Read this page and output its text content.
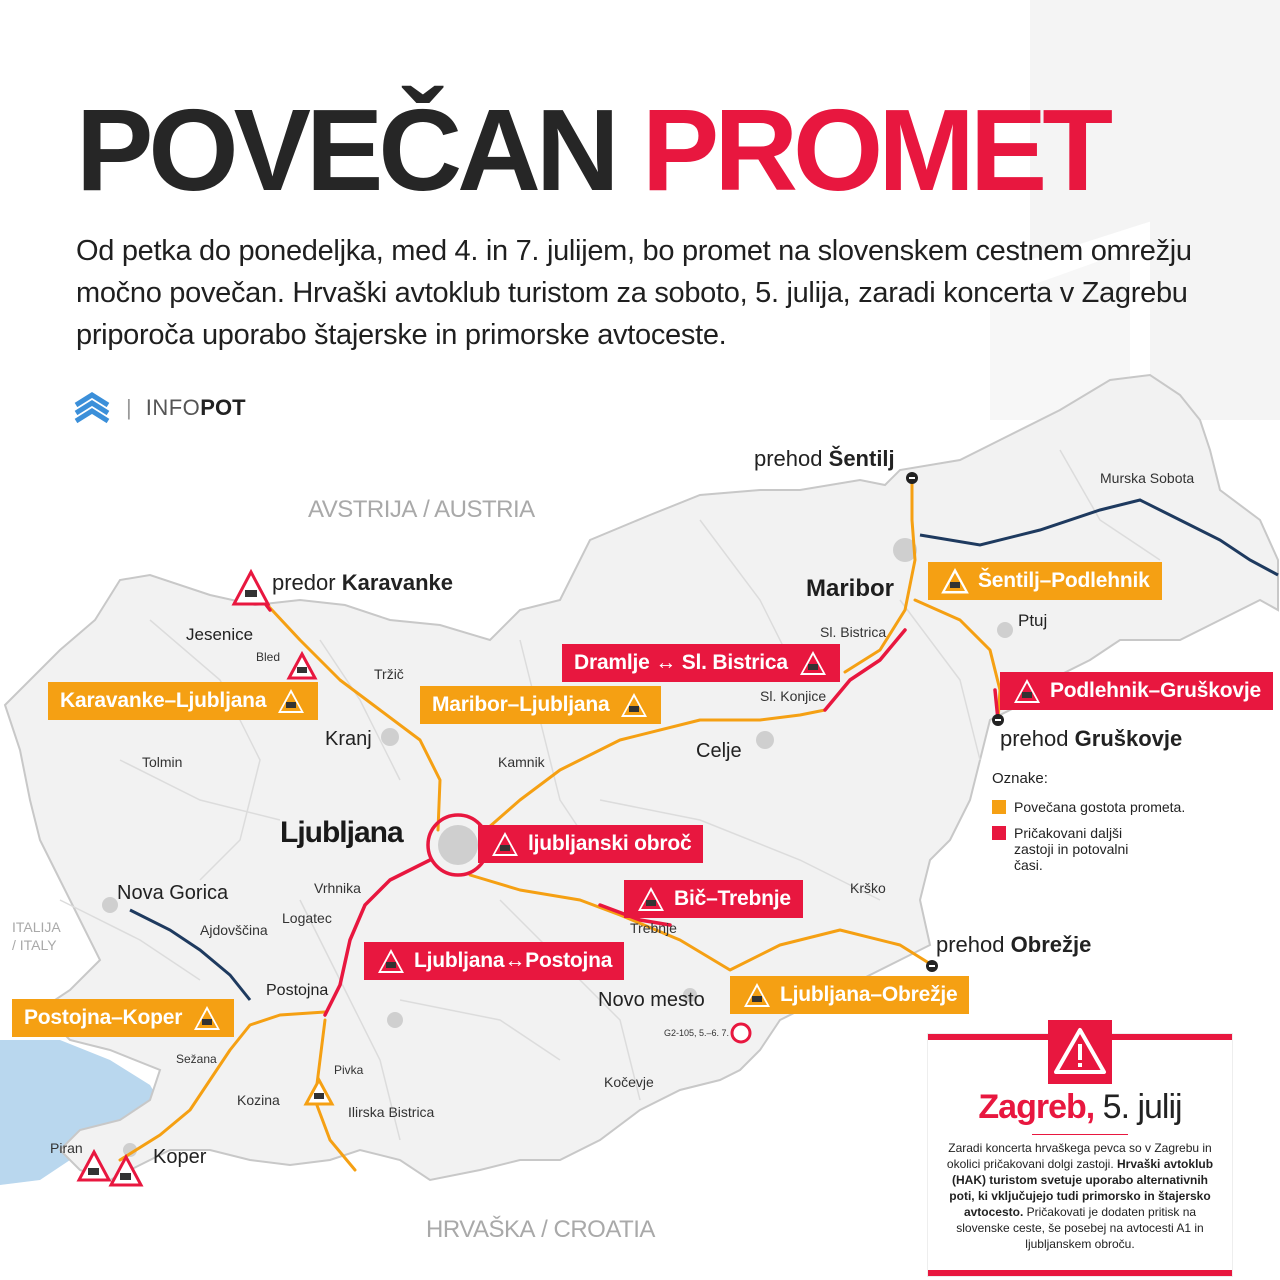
POVEČAN PROMET
Od petka do ponedeljka, med 4. in 7. julijem, bo promet na slovenskem cestnem omrežju močno povečan. Hrvaški avtoklub turistom za soboto, 5. julija, zaradi koncerta v Zagrebu priporoča uporabo štajerske in primorske avtoceste.
| INFO POT
AVSTRIJA / AUSTRIA
HRVAŠKA / CROATIA
ITALIJA
/ ITALY
prehod Šentilj
prehod Gruškovje
prehod Obrežje
predor Karavanke
Ljubljana
Maribor
Celje
Kranj
Koper
Nova Gorica
Novo mesto
Postojna
Jesenice
Ptuj
Murska Sobota
Sl. Bistrica
Sl. Konjice
Tržič
Bled
Tolmin	Kamnik
Vrhnika
Logatec
Ajdovščina
Sežana
Kozina
Pivka
Ilirska Bistrica
Piran
Kočevje
Trebnje
Krško
G2-105, 5.–6. 7.
Šentilj–Podlehnik
Dramlje ↔ Sl. Bistrica
Podlehnik–Gruškovje
Karavanke–Ljubljana	Maribor–Ljubljana
ljubljanski obroč
Bič–Trebnje
Ljubljana↔Postojna
Ljubljana–Obrežje
Postojna–Koper
Oznake:
Povečana gostota prometa.
Pričakovani daljši zastoji in potovalni časi.
Zagreb, 5. julij
Zaradi koncerta hrvaškega pevca so v Zagrebu in okolici pričakovani dolgi zastoji. Hrvaški avtoklub (HAK) turistom svetuje uporabo alternativnih poti, ki vključujejo tudi primorsko in štajersko avtocesto. Pričakovati je dodaten pritisk na slovenske ceste, še posebej na avtocesti A1 in ljubljanskem obroču.
